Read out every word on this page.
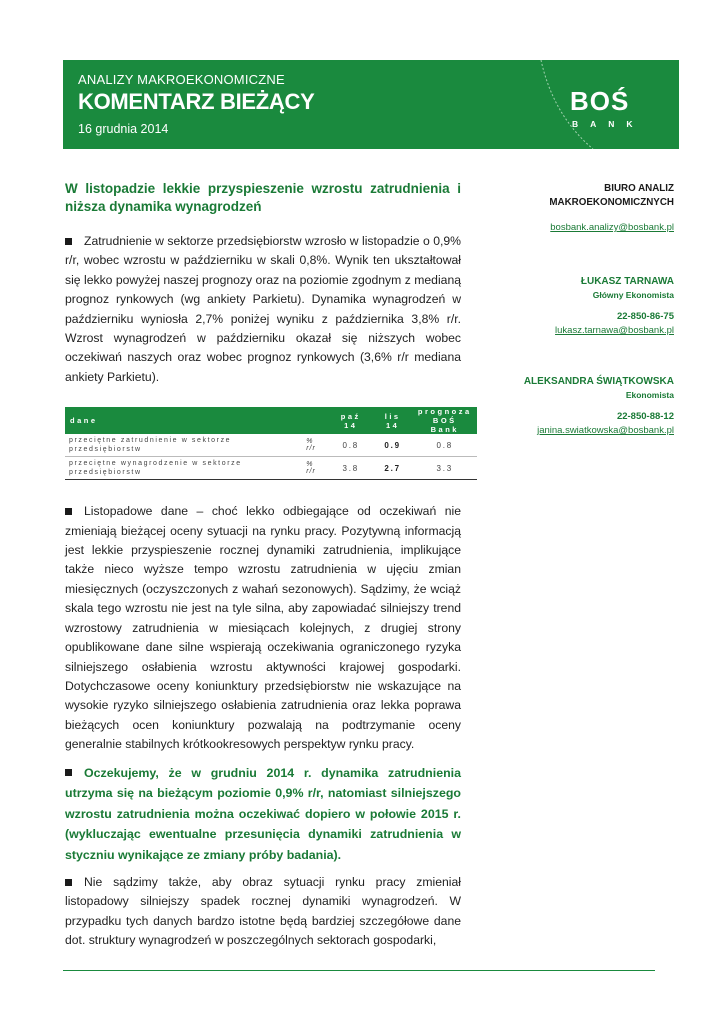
ANALIZY MAKROEKONOMICZNE
KOMENTARZ BIEŻĄCY
16 grudnia 2014
BOŚ
BANK
W listopadzie lekkie przyspieszenie wzrostu zatrudnienia i niższa dynamika wynagrodzeń

Zatrudnienie w sektorze przedsiębiorstw wzrosło w listopadzie o 0,9% r/r, wobec wzrostu w październiku w skali 0,8%. Wynik ten ukształtował się lekko powyżej naszej prognozy oraz na poziomie zgodnym z medianą prognoz rynkowych (wg ankiety Parkietu). Dynamika wynagrodzeń w październiku wyniosła 2,7% poniżej wyniku z października 3,8% r/r. Wzrost wynagrodzeń w październiku okazał się niższych wobec oczekiwań naszych oraz wobec prognoz rynkowych (3,6% r/r mediana ankiety Parkietu).

dane		paź 14	lis 14	prognoza
BOŚ Bank
przeciętne zatrudnienie w sektorze przedsiębiorstw	% r/r	0.8	0.9	0.8
przeciętne wynagrodzenie w sektorze przedsiębiorstw	% r/r	3.8	2.7	3.3

Listopadowe dane – choć lekko odbiegające od oczekiwań nie zmieniają bieżącej oceny sytuacji na rynku pracy. Pozytywną informacją jest lekkie przyspieszenie rocznej dynamiki zatrudnienia, implikujące także nieco wyższe tempo wzrostu zatrudnienia w ujęciu zmian miesięcznych (oczyszczonych z wahań sezonowych). Sądzimy, że wciąż skala tego wzrostu nie jest na tyle silna, aby zapowiadać silniejszy trend wzrostowy zatrudnienia w miesiącach kolejnych, z drugiej strony opublikowane dane silne wspierają oczekiwania ograniczonego ryzyka silniejszego osłabienia wzrostu aktywności krajowej gospodarki. Dotychczasowe oceny koniunktury przedsiębiorstw nie wskazujące na wysokie ryzyko silniejszego osłabienia zatrudnienia oraz lekka poprawa bieżących ocen koniunktury pozwalają na podtrzymanie oceny generalnie stabilnych krótkookresowych perspektyw rynku pracy.

Oczekujemy, że w grudniu 2014 r. dynamika zatrudnienia utrzyma się na bieżącym poziomie 0,9% r/r, natomiast silniejszego wzrostu zatrudnienia można oczekiwać dopiero w połowie 2015 r. (wykluczając ewentualne przesunięcia dynamiki zatrudnienia w styczniu wynikające ze zmiany próby badania).

Nie sądzimy także, aby obraz sytuacji rynku pracy zmieniał listopadowy silniejszy spadek rocznej dynamiki wynagrodzeń. W przypadku tych danych bardzo istotne będą bardziej szczegółowe dane dot. struktury wynagrodzeń w poszczególnych sektorach gospodarki,

BIURO ANALIZ
MAKROEKONOMICZNYCH
bosbank.analizy@bosbank.pl
ŁUKASZ TARNAWA
Główny Ekonomista
22-850-86-75
lukasz.tarnawa@bosbank.pl
ALEKSANDRA ŚWIĄTKOWSKA
Ekonomista
22-850-88-12
janina.swiatkowska@bosbank.pl
